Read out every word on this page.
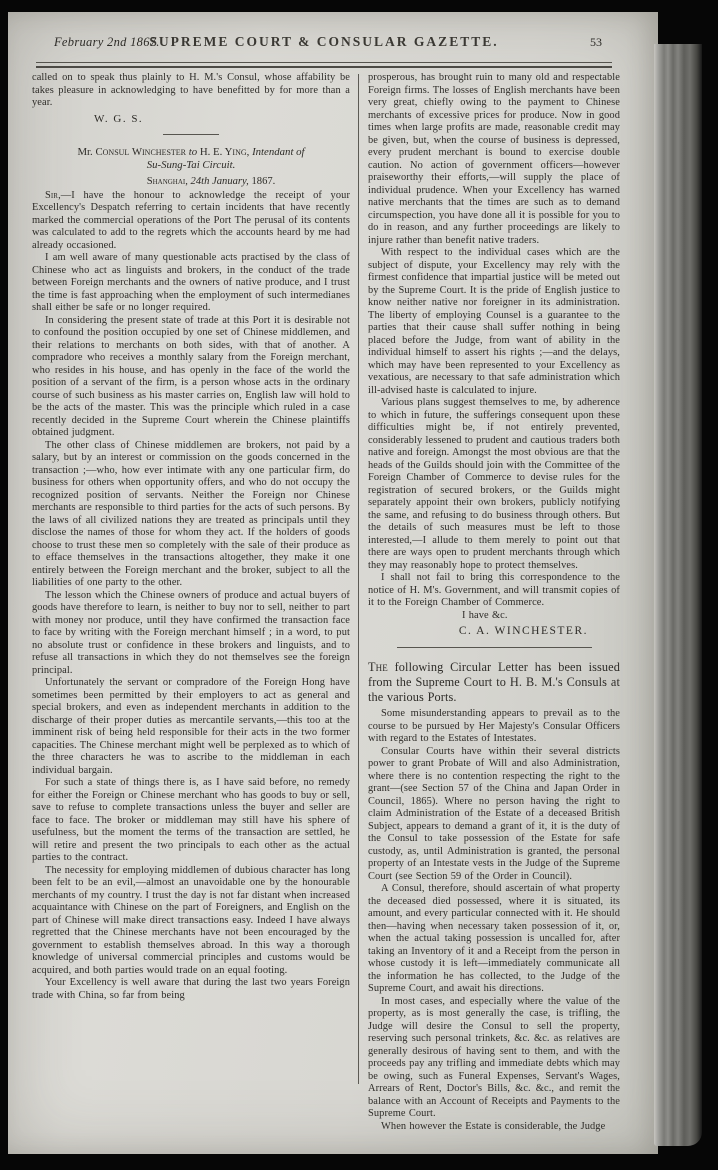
February 2nd 1867.
SUPREME COURT & CONSULAR GAZETTE.	53

called on to speak thus plainly to H. M.'s Consul, whose affability be takes pleasure in acknowledging to have benefitted by for more than a year.

W. G. S.
Mr. Consul Winchester to H. E. Ying, Intendant of
Su-Sung-Tai Circuit.
Shanghai, 24th January, 1867.

Sir,—I have the honour to acknowledge the receipt of your Excellency's Despatch referring to certain incidents that have recently marked the commercial operations of the Port The perusal of its contents was calculated to add to the regrets which the accounts heard by me had already occasioned.

I am well aware of many questionable acts practised by the class of Chinese who act as linguists and brokers, in the conduct of the trade between Foreign merchants and the owners of native produce, and I trust the time is fast approaching when the employment of such intermedianes shall either be safe or no longer required.

In considering the present state of trade at this Port it is desirable not to confound the position occupied by one set of Chinese middlemen, and their relations to merchants on both sides, with that of another. A compradore who receives a monthly salary from the Foreign merchant, who resides in his house, and has openly in the face of the world the position of a servant of the firm, is a person whose acts in the ordinary course of such business as his master carries on, English law will hold to be the acts of the master. This was the principle which ruled in a case recently decided in the Supreme Court wherein the Chinese plaintiffs obtained judgment.

The other class of Chinese middlemen are brokers, not paid by a salary, but by an interest or commission on the goods concerned in the transaction ;—who, how ever intimate with any one particular firm, do business for others when opportunity offers, and who do not occupy the recognized position of servants. Neither the Foreign nor Chinese merchants are responsible to third parties for the acts of such persons. By the laws of all civilized nations they are treated as principals until they disclose the names of those for whom they act. If the holders of goods choose to trust these men so completely with the sale of their produce as to efface themselves in the transactions altogether, they make it one entirely between the Foreign merchant and the broker, subject to all the liabilities of one party to the other.

The lesson which the Chinese owners of produce and actual buyers of goods have therefore to learn, is neither to buy nor to sell, neither to part with money nor produce, until they have confirmed the transaction face to face by writing with the Foreign merchant himself ; in a word, to put no absolute trust or confidence in these brokers and linguists, and to refuse all transactions in which they do not themselves see the foreign principal.

Unfortunately the servant or compradore of the Foreign Hong have sometimes been permitted by their employers to act as general and special brokers, and even as independent merchants in addition to the discharge of their proper duties as mercantile servants,—this too at the imminent risk of being held responsible for their acts in the two former capacities. The Chinese merchant might well be perplexed as to which of the three characters he was to ascribe to the middleman in each individual bargain.

For such a state of things there is, as I have said before, no remedy for either the Foreign or Chinese merchant who has goods to buy or sell, save to refuse to complete transactions unless the buyer and seller are face to face. The broker or middleman may still have his sphere of usefulness, but the moment the terms of the transaction are settled, he will retire and present the two principals to each other as the actual parties to the contract.

The necessity for employing middlemen of dubious character has long been felt to be an evil,—almost an unavoidable one by the honourable merchants of my country. I trust the day is not far distant when increased acquaintance with Chinese on the part of Foreigners, and English on the part of Chinese will make direct transactions easy. Indeed I have always regretted that the Chinese merchants have not been encouraged by the government to establish themselves abroad. In this way a thorough knowledge of universal commercial principles and customs would be acquired, and both parties would trade on an equal footing.

Your Excellency is well aware that during the last two years Foreign trade with China, so far from being

prosperous, has brought ruin to many old and respectable Foreign firms. The losses of English merchants have been very great, chiefly owing to the payment to Chinese merchants of excessive prices for produce. Now in good times when large profits are made, reasonable credit may be given, but, when the course of business is depressed, every prudent merchant is bound to exercise double caution. No action of government officers—however praiseworthy their efforts,—will supply the place of individual prudence. When your Excellency has warned native merchants that the times are such as to demand circumspection, you have done all it is possible for you to do in reason, and any further proceedings are likely to injure rather than benefit native traders.

With respect to the individual cases which are the subject of dispute, your Excellency may rely with the firmest confidence that impartial justice will be meted out by the Supreme Court. It is the pride of English justice to know neither native nor foreigner in its administration. The liberty of employing Counsel is a guarantee to the parties that their cause shall suffer nothing in being placed before the Judge, from want of ability in the individual himself to assert his rights ;—and the delays, which may have been represented to your Excellency as vexatious, are necessary to that safe administration which ill-advised haste is calculated to injure.

Various plans suggest themselves to me, by adherence to which in future, the sufferings consequent upon these difficulties might be, if not entirely prevented, considerably lessened to prudent and cautious traders both native and foreign. Amongst the most obvious are that the heads of the Guilds should join with the Committee of the Foreign Chamber of Commerce to devise rules for the registration of secured brokers, or the Guilds might separately appoint their own brokers, publicly notifying the same, and refusing to do business through others. But the details of such measures must be left to those interested,—I allude to them merely to point out that there are ways open to prudent merchants through which they may reasonably hope to protect themselves.

I shall not fail to bring this correspondence to the notice of H. M's. Government, and will transmit copies of it to the Foreign Chamber of Commerce.

I have &c.

C. A. WINCHESTER.

The following Circular Letter has been issued from the Supreme Court to H. B. M.'s Consuls at the various Ports.

Some misunderstanding appears to prevail as to the course to be pursued by Her Majesty's Consular Officers with regard to the Estates of Intestates.

Consular Courts have within their several districts power to grant Probate of Will and also Administration, where there is no contention respecting the right to the grant—(see Section 57 of the China and Japan Order in Council, 1865). Where no person having the right to claim Administration of the Estate of a deceased British Subject, appears to demand a grant of it, it is the duty of the Consul to take possession of the Estate for safe custody, as, until Administration is granted, the personal property of an Intestate vests in the Judge of the Supreme Court (see Section 59 of the Order in Council).

A Consul, therefore, should ascertain of what property the deceased died possessed, where it is situated, its amount, and every particular connected with it. He should then—having when necessary taken possession of it, or, when the actual taking possession is uncalled for, after taking an Inventory of it and a Receipt from the person in whose custody it is left—immediately communicate all the information he has collected, to the Judge of the Supreme Court, and await his directions.

In most cases, and especially where the value of the property, as is most generally the case, is trifling, the Judge will desire the Consul to sell the property, reserving such personal trinkets, &c. &c. as relatives are generally desirous of having sent to them, and with the proceeds pay any trifling and immediate debts which may be owing, such as Funeral Expenses, Servant's Wages, Arrears of Rent, Doctor's Bills, &c. &c., and remit the balance with an Account of Receipts and Payments to the Supreme Court.

When however the Estate is considerable, the Judge
